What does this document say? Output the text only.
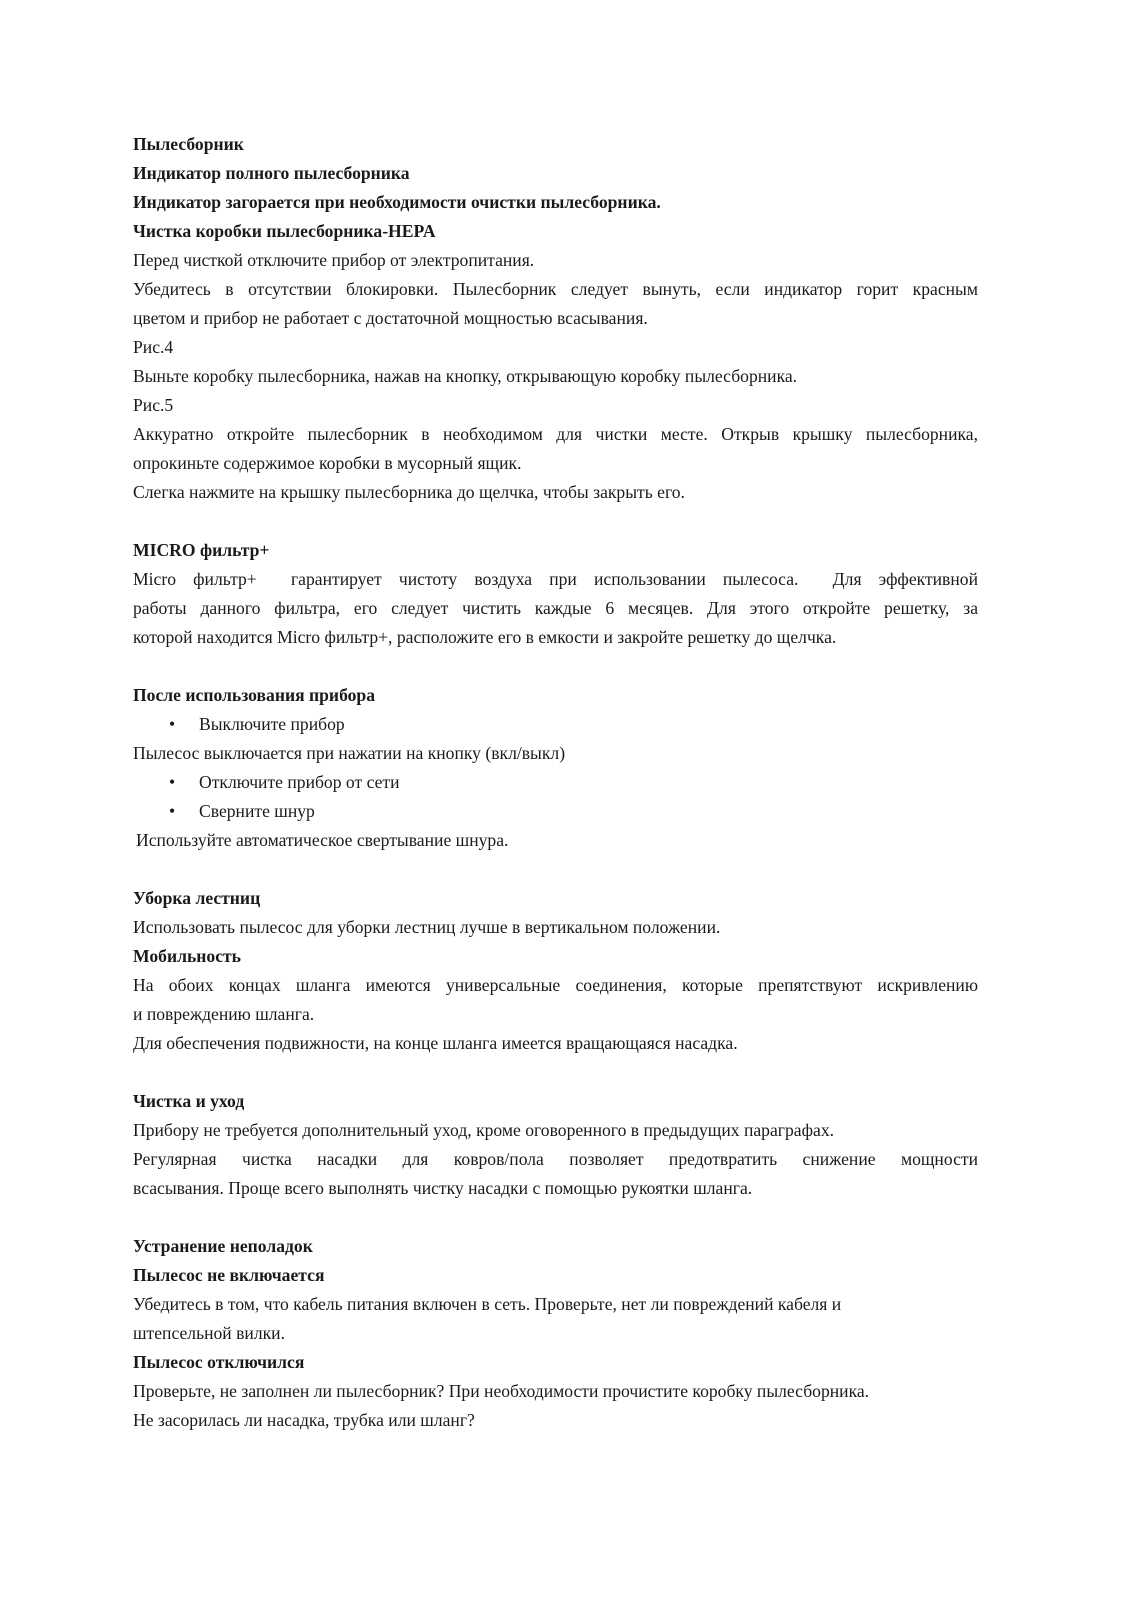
Пылесборник

Индикатор полного пылесборника

Индикатор загорается при необходимости очистки пылесборника.

Чистка коробки пылесборника-HEPA

Перед чисткой отключите прибор от электропитания.

Убедитесь в отсутствии блокировки. Пылесборник следует вынуть, если индикатор горит красным

цветом и прибор не работает с достаточной мощностью всасывания.

Рис.4

Выньте коробку пылесборника, нажав на кнопку, открывающую коробку пылесборника.

Рис.5

Аккуратно откройте пылесборник в необходимом для чистки месте. Открыв крышку пылесборника,

опрокиньте содержимое коробки в мусорный ящик.

Слегка нажмите на крышку пылесборника до щелчка, чтобы закрыть его.

MICRO фильтр+

Micro фильтр+  гарантирует чистоту воздуха при использовании пылесоса.  Для эффективной

работы данного фильтра, его следует чистить каждые 6 месяцев. Для этого откройте решетку, за

которой находится Micro фильтр+, расположите его в емкости и закройте решетку до щелчка.

После использования прибора

• Выключите прибор

Пылесос выключается при нажатии на кнопку (вкл/выкл)

• Отключите прибор от сети

• Сверните шнур

Используйте автоматическое свертывание шнура.

Уборка лестниц

Использовать пылесос для уборки лестниц лучше в вертикальном положении.

Мобильность

На обоих концах шланга имеются универсальные соединения, которые препятствуют искривлению

и повреждению шланга.

Для обеспечения подвижности, на конце шланга имеется вращающаяся насадка.

Чистка и уход

Прибору не требуется дополнительный уход, кроме оговоренного в предыдущих параграфах.

Регулярная чистка насадки для ковров/пола позволяет предотвратить снижение мощности

всасывания. Проще всего выполнять чистку насадки с помощью рукоятки шланга.

Устранение неполадок

Пылесос не включается

Убедитесь в том, что кабель питания включен в сеть. Проверьте, нет ли повреждений кабеля и

штепсельной вилки.

Пылесос отключился

Проверьте, не заполнен ли пылесборник? При необходимости прочистите коробку пылесборника.

Не засорилась ли насадка, трубка или шланг?
